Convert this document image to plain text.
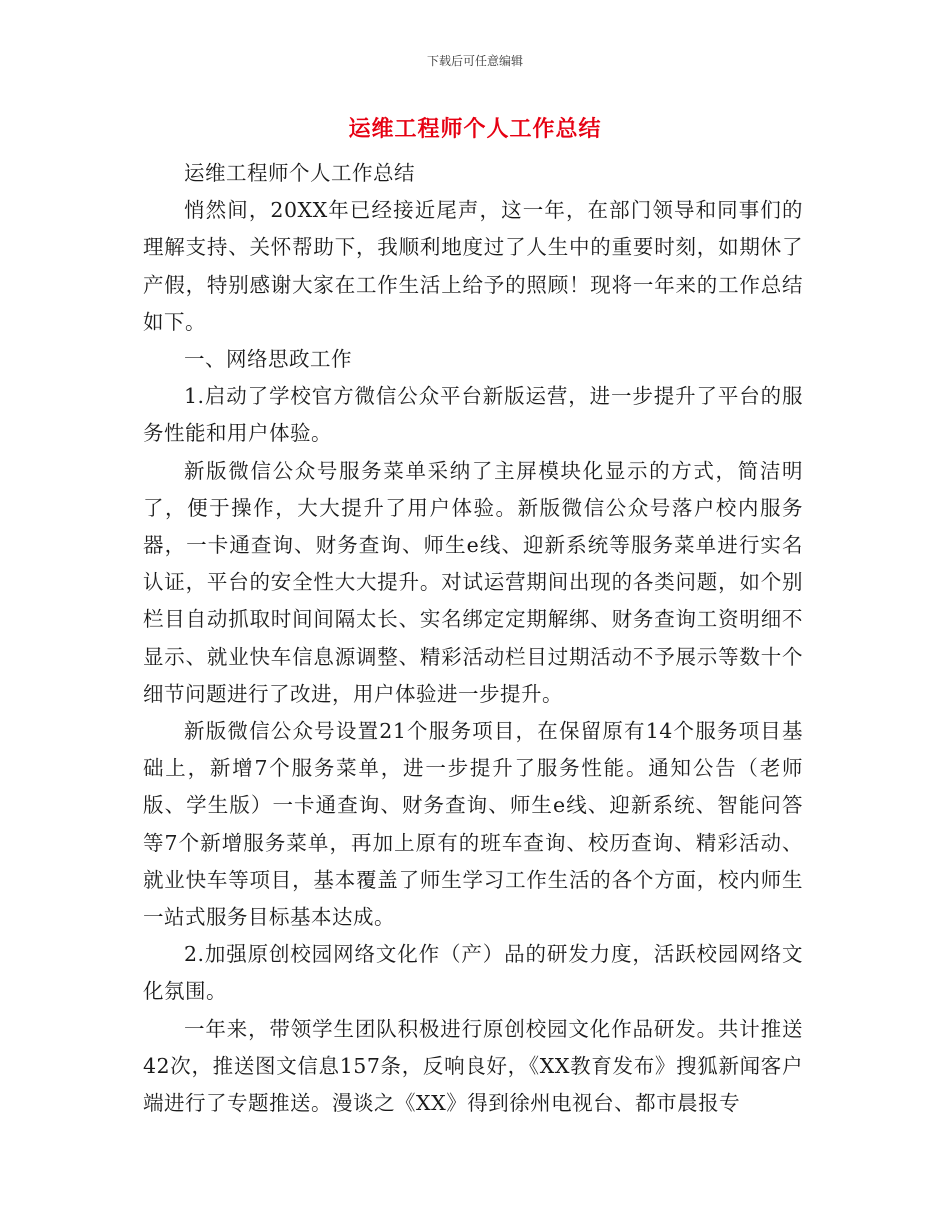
下载后可任意编辑
运维工程师个人工作总结

运维工程师个人工作总结

悄然间，20XX年已经接近尾声，这一年，在部门领导和同事们的理解支持、关怀帮助下，我顺利地度过了人生中的重要时刻，如期休了产假，特别感谢大家在工作生活上给予的照顾！现将一年来的工作总结如下。

一、网络思政工作

1.启动了学校官方微信公众平台新版运营，进一步提升了平台的服务性能和用户体验。

新版微信公众号服务菜单采纳了主屏模块化显示的方式，简洁明了，便于操作，大大提升了用户体验。新版微信公众号落户校内服务器，一卡通查询、财务查询、师生e线、迎新系统等服务菜单进行实名认证，平台的安全性大大提升。对试运营期间出现的各类问题，如个别栏目自动抓取时间间隔太长、实名绑定定期解绑、财务查询工资明细不显示、就业快车信息源调整、精彩活动栏目过期活动不予展示等数十个细节问题进行了改进，用户体验进一步提升。

新版微信公众号设置21个服务项目，在保留原有14个服务项目基础上，新增7个服务菜单，进一步提升了服务性能。通知公告（老师版、学生版）一卡通查询、财务查询、师生e线、迎新系统、智能问答等7个新增服务菜单，再加上原有的班车查询、校历查询、精彩活动、就业快车等项目，基本覆盖了师生学习工作生活的各个方面，校内师生一站式服务目标基本达成。

2.加强原创校园网络文化作（产）品的研发力度，活跃校园网络文化氛围。

一年来，带领学生团队积极进行原创校园文化作品研发。共计推送42次，推送图文信息157条，反响良好，《XX教育发布》搜狐新闻客户端进行了专题推送。漫谈之《XX》得到徐州电视台、都市晨报专
